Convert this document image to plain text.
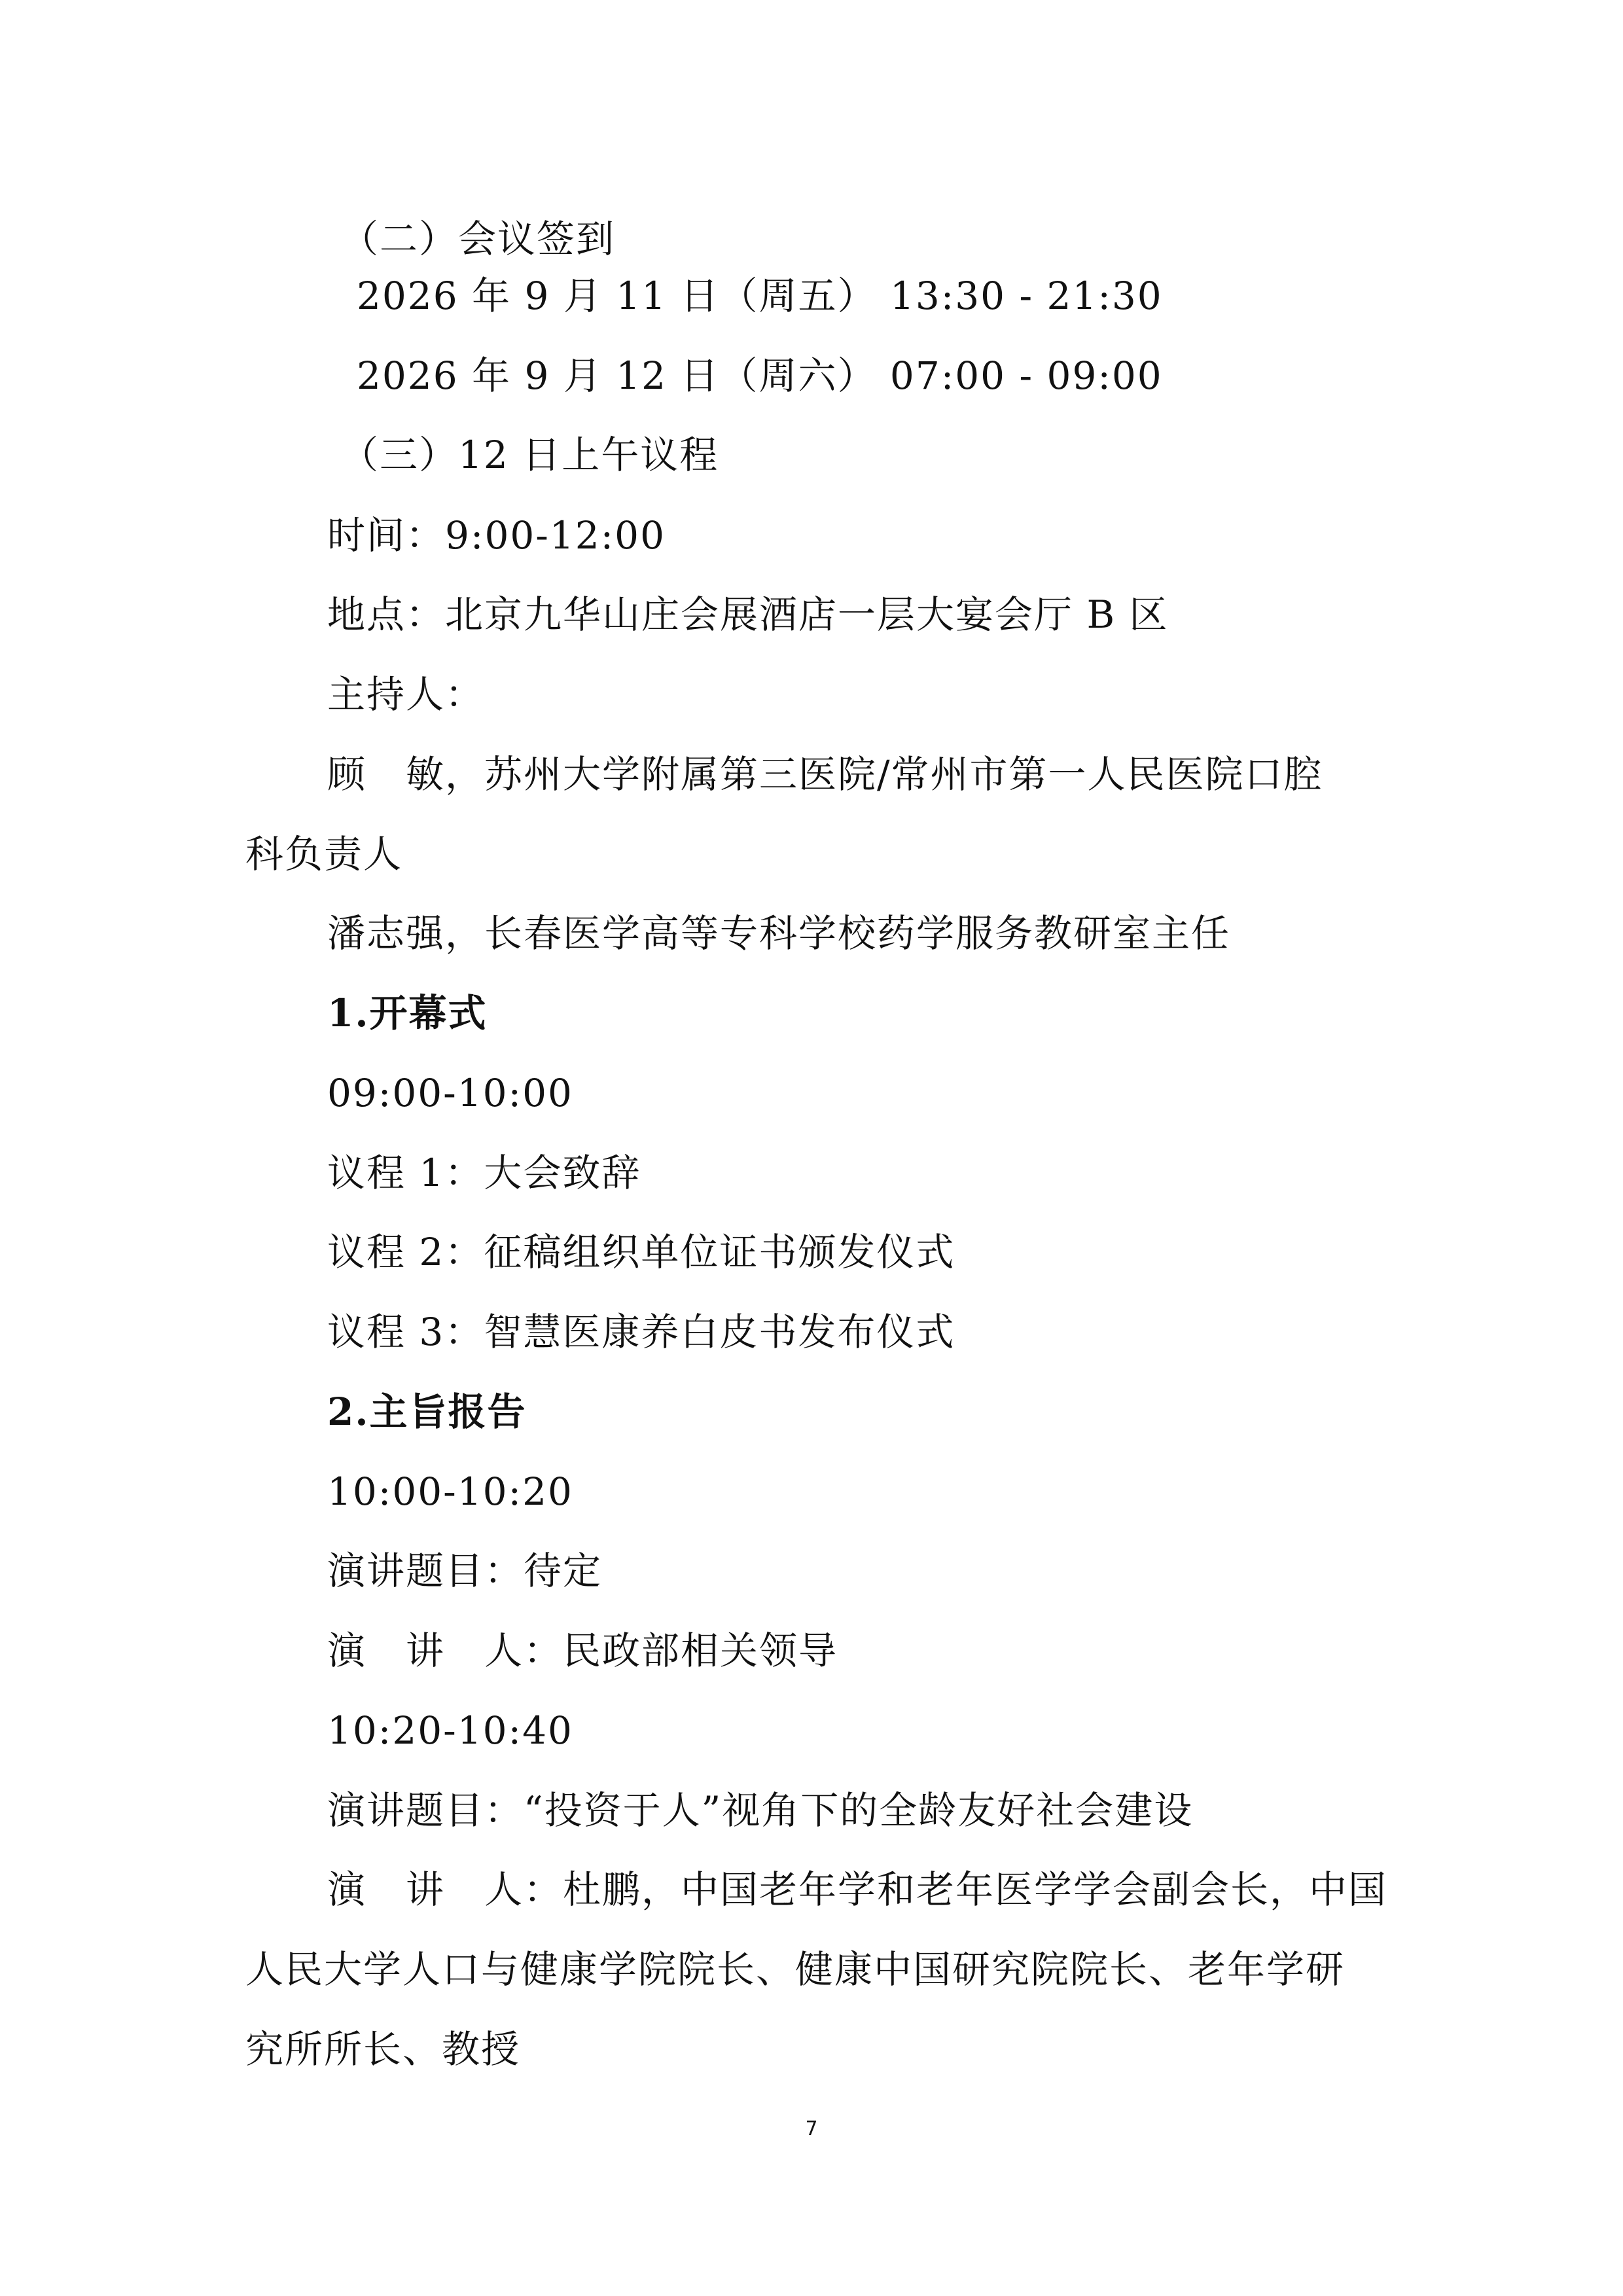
（二）会议签到
2026 年 9 月 11 日（周五） 13:30 - 21:30
2026 年 9 月 12 日（周六） 07:00 - 09:00
（三）12 日上午议程
时间：9:00-12:00
地点：北京九华山庄会展酒店一层大宴会厅 B 区
主持人：
顾　敏，苏州大学附属第三医院/常州市第一人民医院口腔
科负责人
潘志强，长春医学高等专科学校药学服务教研室主任
1.开幕式
09:00-10:00
议程 1：大会致辞
议程 2：征稿组织单位证书颁发仪式
议程 3：智慧医康养白皮书发布仪式
2.主旨报告
10:00-10:20
演讲题目：待定
演　讲　人：民政部相关领导
10:20-10:40
演讲题目：“投资于人”视角下的全龄友好社会建设
演　讲　人：杜鹏，中国老年学和老年医学学会副会长，中国
人民大学人口与健康学院院长、健康中国研究院院长、老年学研
究所所长、教授
7
